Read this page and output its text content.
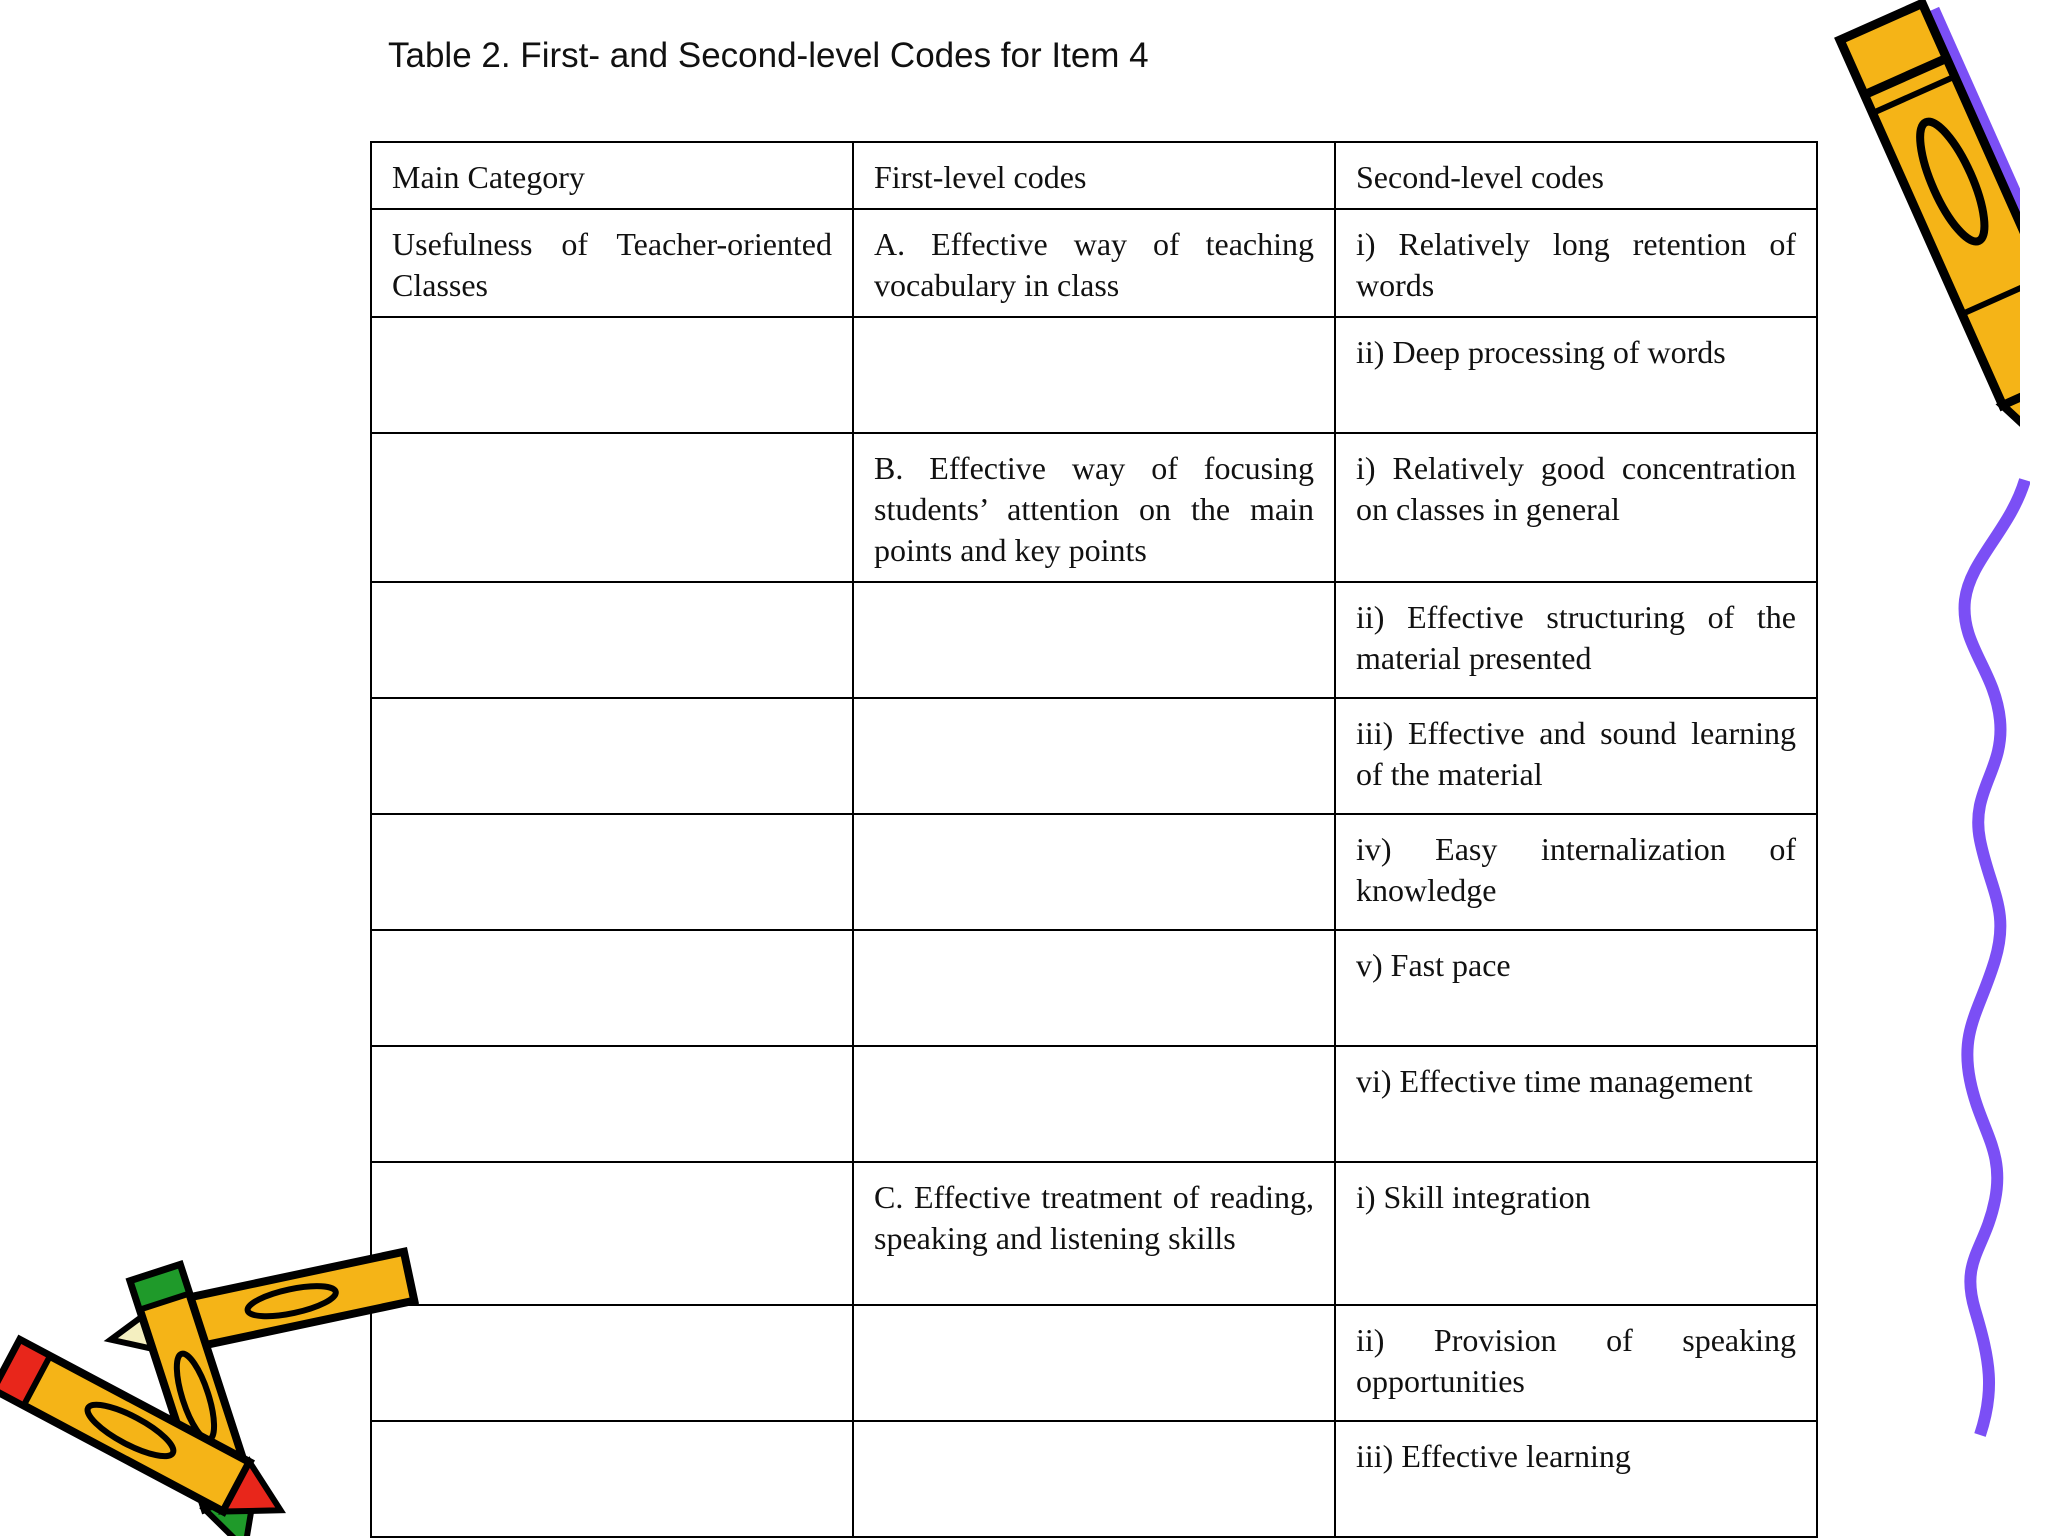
Table 2. First- and Second-level Codes for Item 4
Main Category	First-level codes	Second-level codes
Usefulness of Teacher-oriented Classes	A. Effective way of teaching vocabulary in class	i) Relatively long retention of words
		ii) Deep processing of words
	B. Effective way of focusing students’ attention on the main points and key points	i) Relatively good concentration on classes in general
		ii) Effective structuring of the material presented
		iii) Effective and sound learning of the material
		iv) Easy internalization of knowledge
		v) Fast pace
		vi) Effective time management
	C. Effective treatment of reading, speaking and listening skills	i) Skill integration
		ii) Provision of speaking opportunities
		iii) Effective learning
